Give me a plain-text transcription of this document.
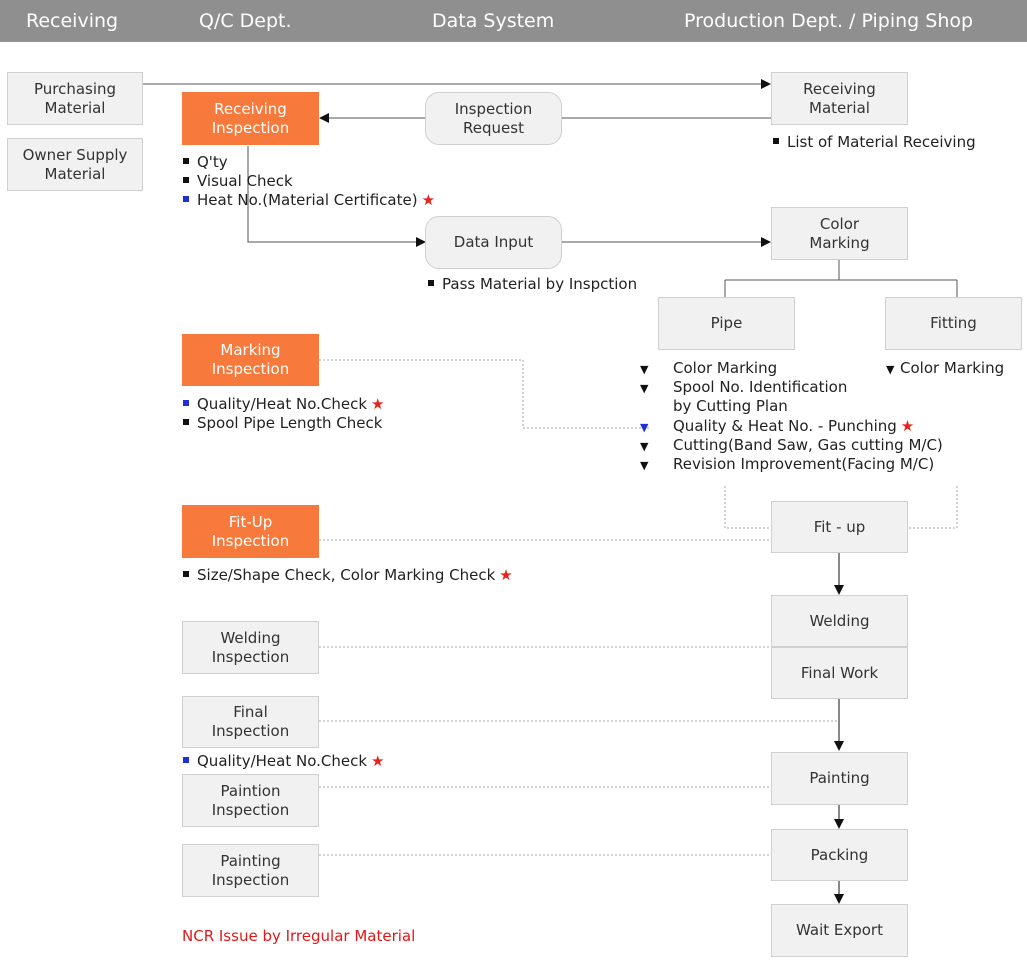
Receiving	Q/C Dept.	Data System	Production Dept. / Piping Shop
Purchasing
Material
Owner Supply
Material
Receiving
Inspection
Q'ty
Visual Check
Heat No.(Material Certificate) ★
Marking
Inspection
Quality/Heat No.Check ★
Spool Pipe Length Check
Fit-Up
Inspection
Size/Shape Check, Color Marking Check ★
Welding
Inspection
Final
Inspection
Quality/Heat No.Check ★
Paintion
Inspection
Painting
Inspection
NCR Issue by Irregular Material
Inspection
Request
Data Input
Pass Material by Inspction
Receiving
Material
List of Material Receiving
Color
Marking
Pipe	Fitting
▼ Color Marking
▼ Spool No. Identification
by Cutting Plan
▼ Quality & Heat No. - Punching ★
▼ Cutting(Band Saw, Gas cutting M/C)
▼ Revision Improvement(Facing M/C)
▼ Color Marking
Fit - up
Welding
Final Work
Painting
Packing
Wait Export
